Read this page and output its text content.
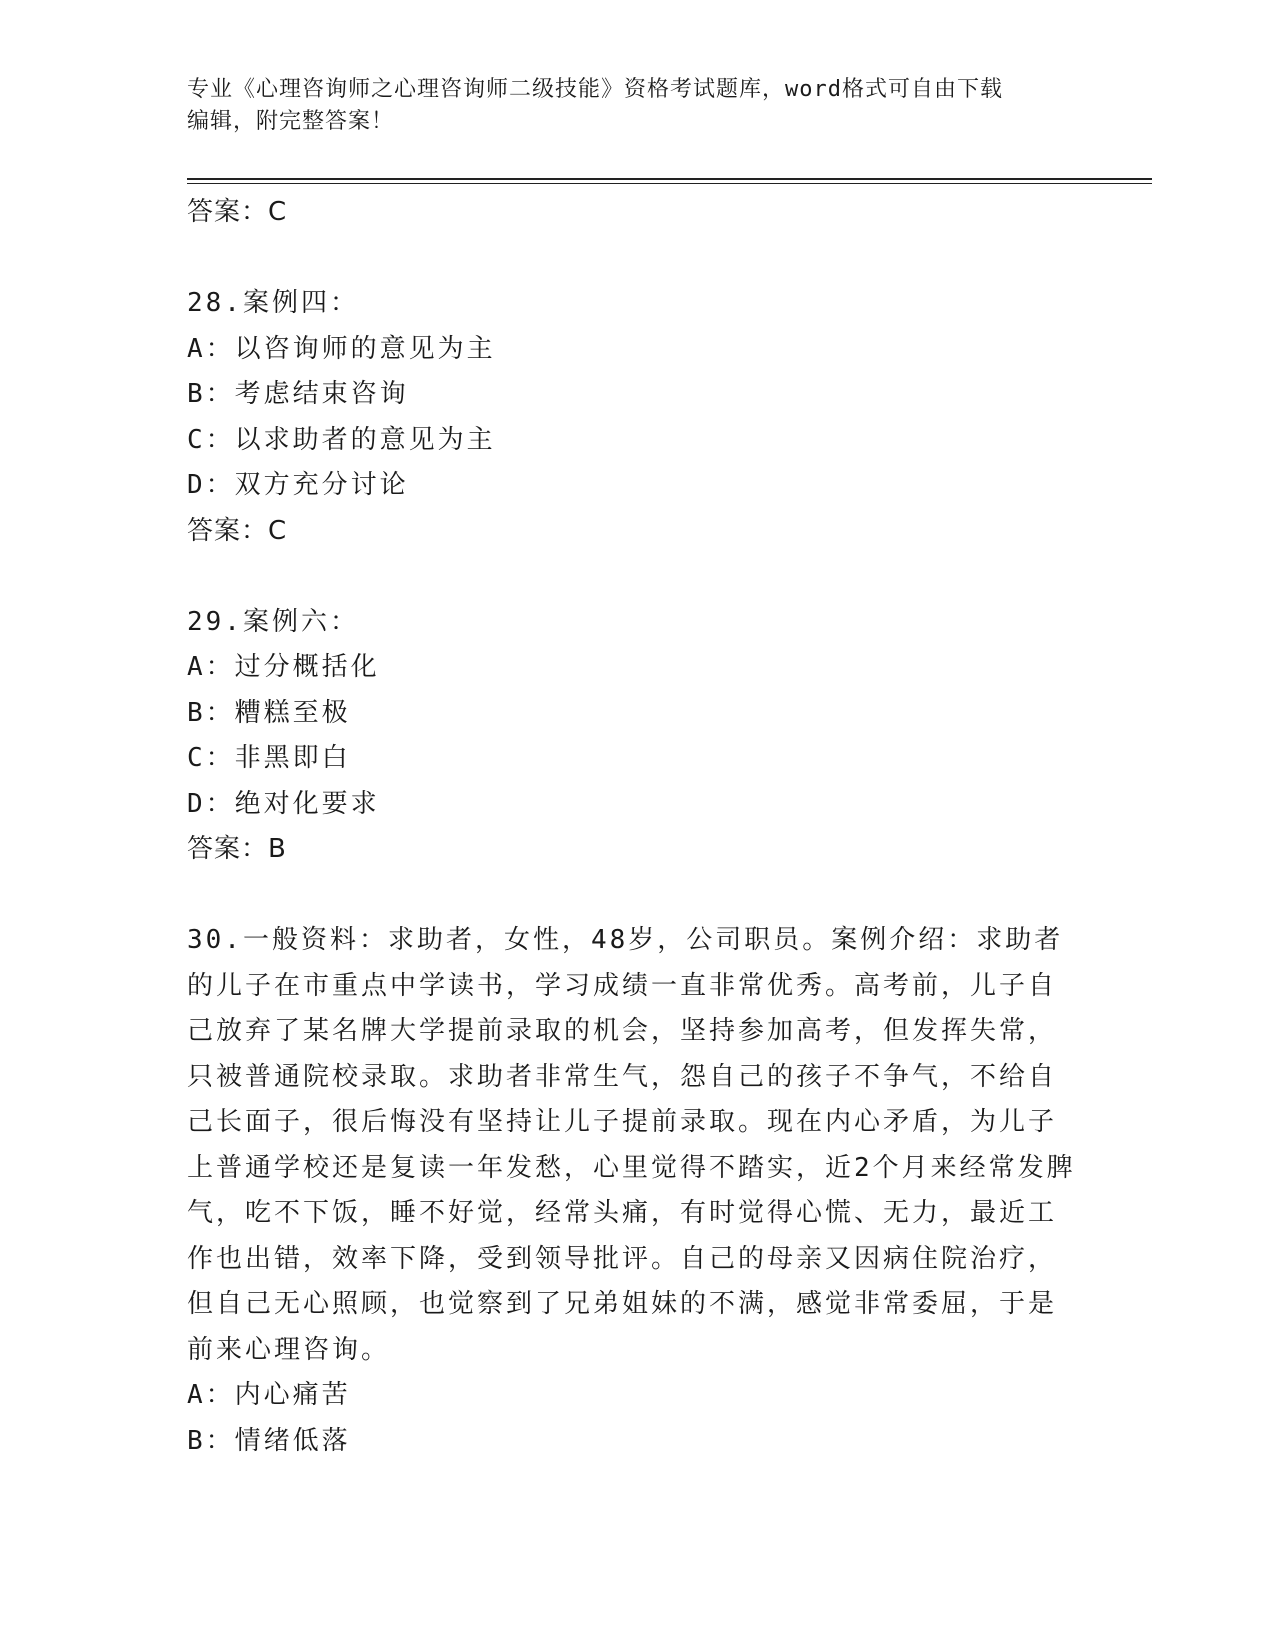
专业《心理咨询师之心理咨询师二级技能》资格考试题库，word格式可自由下载
编辑，附完整答案！
答案：C
28.案例四：
A：以咨询师的意见为主
B：考虑结束咨询
C：以求助者的意见为主
D：双方充分讨论
答案：C
29.案例六：
A：过分概括化
B：糟糕至极
C：非黑即白
D：绝对化要求
答案：B
30.一般资料：求助者，女性，48岁，公司职员。案例介绍：求助者的儿子在市重点中学读书，学习成绩一直非常优秀。高考前，儿子自己放弃了某名牌大学提前录取的机会，坚持参加高考，但发挥失常，只被普通院校录取。求助者非常生气，怨自己的孩子不争气，不给自己长面子，很后悔没有坚持让儿子提前录取。现在内心矛盾，为儿子上普通学校还是复读一年发愁，心里觉得不踏实，近2个月来经常发脾气，吃不下饭，睡不好觉，经常头痛，有时觉得心慌、无力，最近工作也出错，效率下降，受到领导批评。自己的母亲又因病住院治疗，但自己无心照顾，也觉察到了兄弟姐妹的不满，感觉非常委屈，于是前来心理咨询。
A：内心痛苦
B：情绪低落
